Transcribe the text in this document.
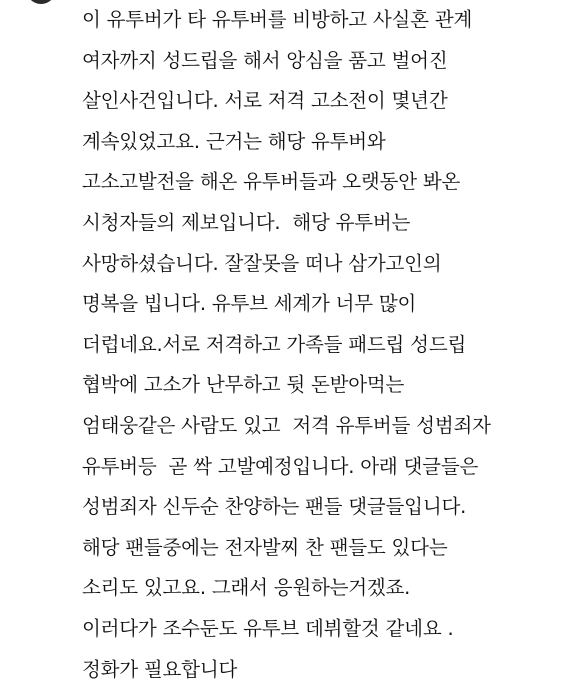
이 유투버가 타 유투버를 비방하고 사실혼 관계
여자까지 성드립을 해서 앙심을 품고 벌어진
살인사건입니다. 서로 저격 고소전이 몇년간
계속있었고요. 근거는 해당 유투버와
고소고발전을 해온 유투버들과 오랫동안 봐온
시청자들의 제보입니다.  해당 유투버는
사망하셨습니다. 잘잘못을 떠나 삼가고인의
명복을 빕니다. 유투브 세계가 너무 많이
더럽네요.서로 저격하고 가족들 패드립 성드립
협박에 고소가 난무하고 뒷 돈받아먹는
엄태웅같은 사람도 있고  저격 유투버들 성범죄자
유투버등  곧 싹 고발예정입니다. 아래 댓글들은
성범죄자 신두순 찬양하는 팬들 댓글들입니다.
해당 팬들중에는 전자발찌 찬 팬들도 있다는
소리도 있고요. 그래서 응원하는거겠죠.
이러다가 조수둔도 유투브 데뷔할것 같네요 .
정화가 필요합니다
